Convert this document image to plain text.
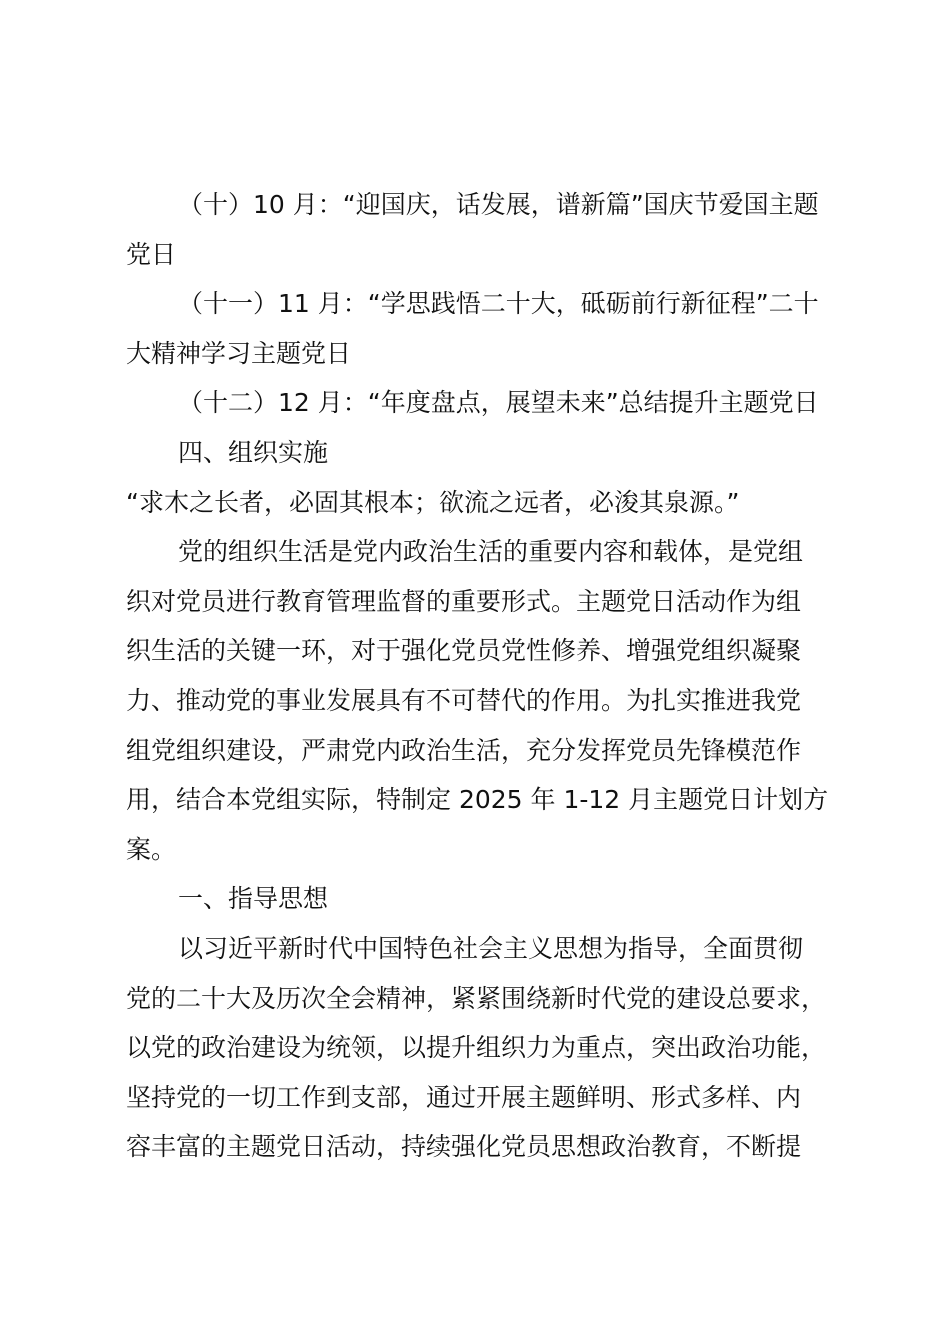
（十）10 月：“迎国庆，话发展，谱新篇”国庆节爱国主题

党日

（十一）11 月：“学思践悟二十大，砥砺前行新征程”二十

大精神学习主题党日

（十二）12 月：“年度盘点，展望未来”总结提升主题党日

四、组织实施

“求木之长者，必固其根本；欲流之远者，必浚其泉源。”

党的组织生活是党内政治生活的重要内容和载体，是党组

织对党员进行教育管理监督的重要形式。主题党日活动作为组

织生活的关键一环，对于强化党员党性修养、增强党组织凝聚

力、推动党的事业发展具有不可替代的作用。为扎实推进我党

组党组织建设，严肃党内政治生活，充分发挥党员先锋模范作

用，结合本党组实际，特制定 2025 年 1-12 月主题党日计划方

案。

一、指导思想

以习近平新时代中国特色社会主义思想为指导，全面贯彻

党的二十大及历次全会精神，紧紧围绕新时代党的建设总要求，

以党的政治建设为统领，以提升组织力为重点，突出政治功能，

坚持党的一切工作到支部，通过开展主题鲜明、形式多样、内

容丰富的主题党日活动，持续强化党员思想政治教育，不断提
